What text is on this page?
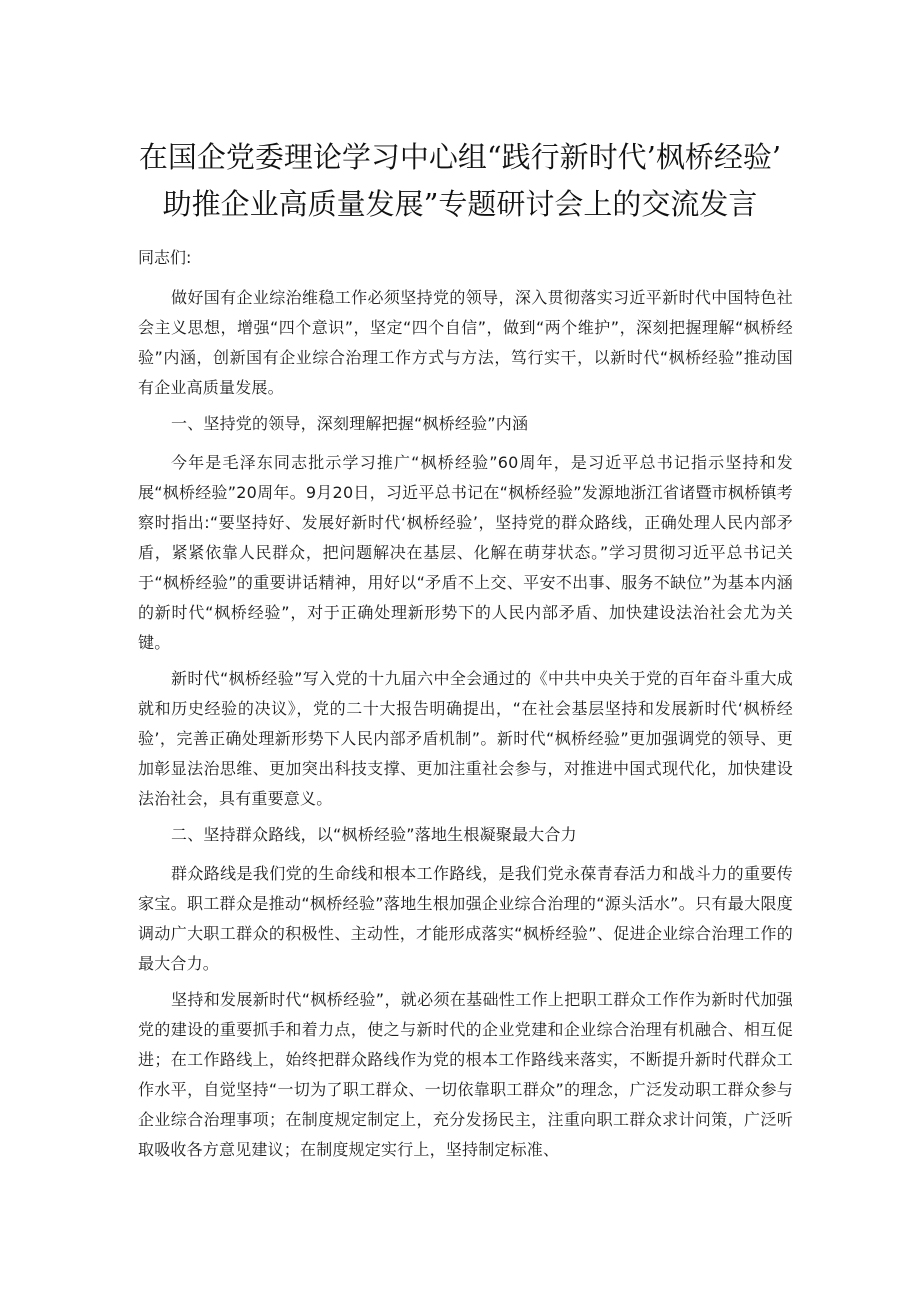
在国企党委理论学习中心组“践行新时代’枫桥经验’
助推企业高质量发展”专题研讨会上的交流发言

同志们:

做好国有企业综治维稳工作必须坚持党的领导，深入贯彻落实习近平新时代中国特色社会主义思想，增强“四个意识”，坚定“四个自信”，做到“两个维护”，深刻把握理解“枫桥经验”内涵，创新国有企业综合治理工作方式与方法，笃行实干，以新时代“枫桥经验”推动国有企业高质量发展。

一、坚持党的领导，深刻理解把握“枫桥经验”内涵

今年是毛泽东同志批示学习推广“枫桥经验”60周年，是习近平总书记指示坚持和发展“枫桥经验”20周年。9月20日，习近平总书记在“枫桥经验”发源地浙江省诸暨市枫桥镇考察时指出:“要坚持好、发展好新时代‘枫桥经验’，坚持党的群众路线，正确处理人民内部矛盾，紧紧依靠人民群众，把问题解决在基层、化解在萌芽状态。”学习贯彻习近平总书记关于“枫桥经验”的重要讲话精神，用好以“矛盾不上交、平安不出事、服务不缺位”为基本内涵的新时代“枫桥经验”，对于正确处理新形势下的人民内部矛盾、加快建设法治社会尤为关键。

新时代“枫桥经验”写入党的十九届六中全会通过的《中共中央关于党的百年奋斗重大成就和历史经验的决议》，党的二十大报告明确提出，“在社会基层坚持和发展新时代‘枫桥经验’，完善正确处理新形势下人民内部矛盾机制”。新时代“枫桥经验”更加强调党的领导、更加彰显法治思维、更加突出科技支撑、更加注重社会参与，对推进中国式现代化，加快建设法治社会，具有重要意义。

二、坚持群众路线，以“枫桥经验”落地生根凝聚最大合力

群众路线是我们党的生命线和根本工作路线，是我们党永葆青春活力和战斗力的重要传家宝。职工群众是推动“枫桥经验”落地生根加强企业综合治理的“源头活水”。只有最大限度调动广大职工群众的积极性、主动性，才能形成落实“枫桥经验”、促进企业综合治理工作的最大合力。

坚持和发展新时代“枫桥经验”，就必须在基础性工作上把职工群众工作作为新时代加强党的建设的重要抓手和着力点，使之与新时代的企业党建和企业综合治理有机融合、相互促进；在工作路线上，始终把群众路线作为党的根本工作路线来落实，不断提升新时代群众工作水平，自觉坚持“一切为了职工群众、一切依靠职工群众”的理念，广泛发动职工群众参与企业综合治理事项；在制度规定制定上，充分发扬民主，注重向职工群众求计问策，广泛听取吸收各方意见建议；在制度规定实行上，坚持制定标准、
